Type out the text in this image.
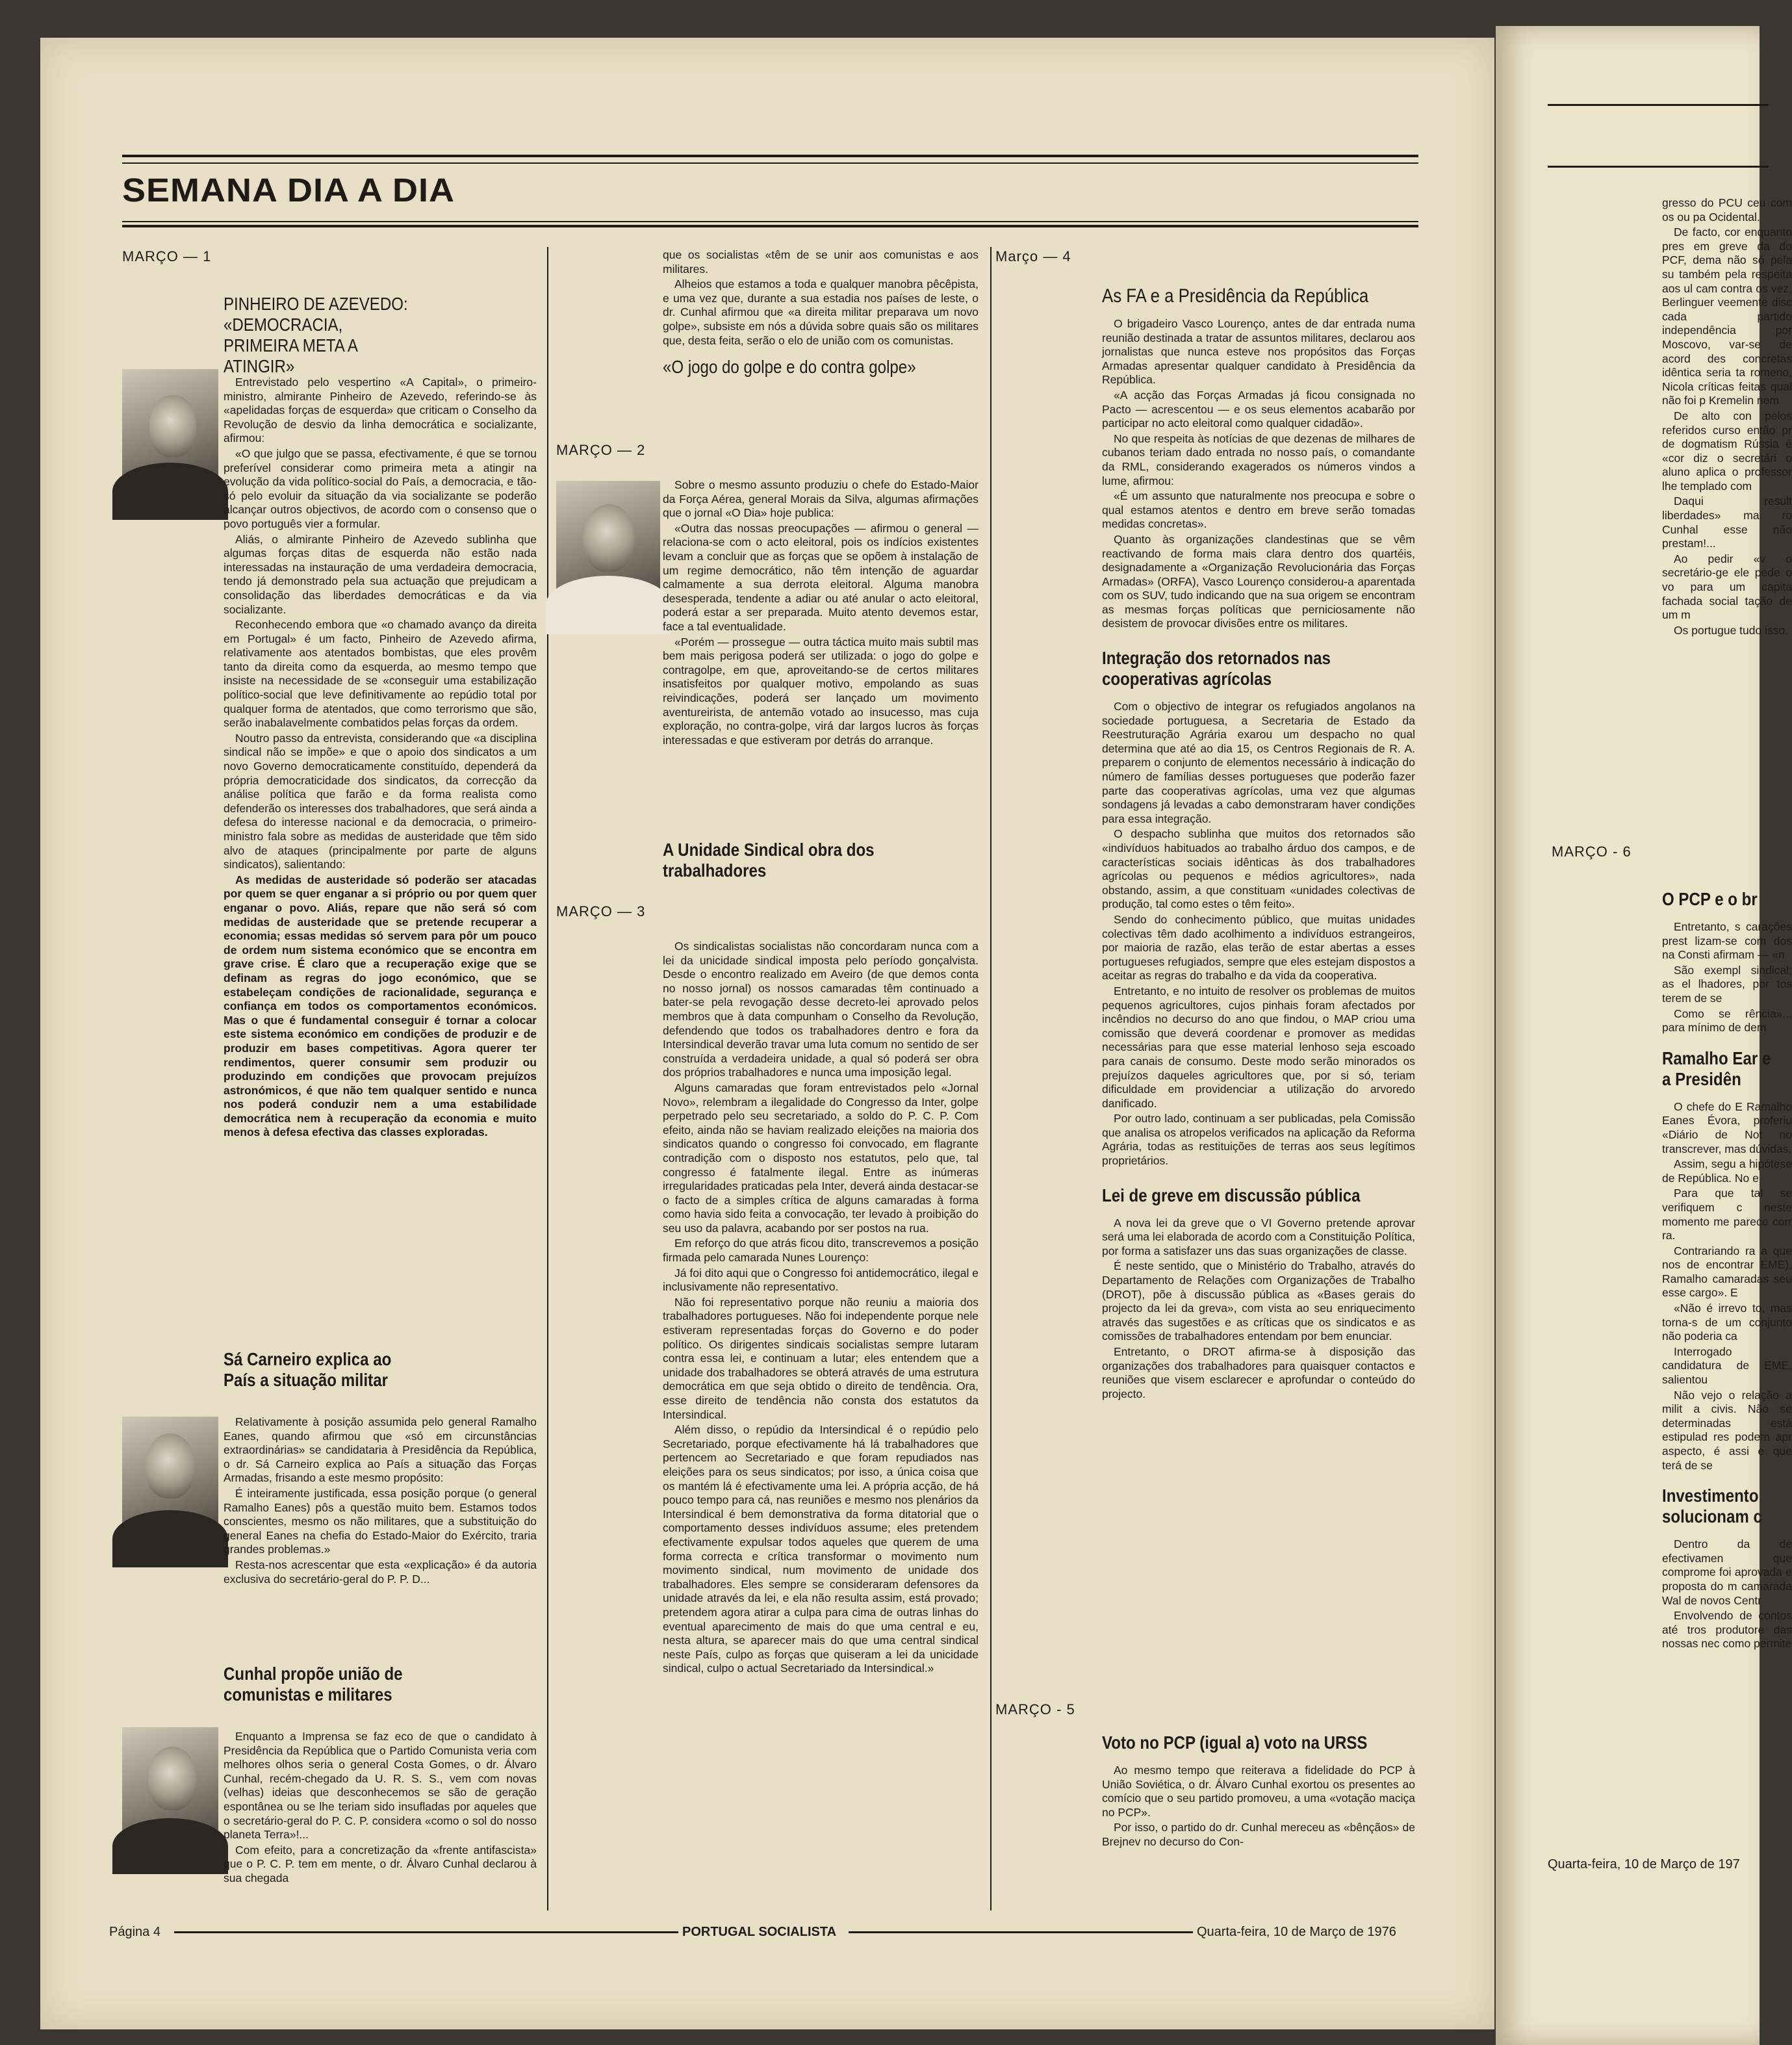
gresso do PCU ceu com os ou pa Ocidental.

De facto, cor enquanto pres em greve da do PCF, dema não só pela su também pela respeita aos ul cam contra os vez, Berlinguer veemente disc cada partido independência por Moscovo, var-se de acord des concretas idêntica seria ta romeno, Nicola críticas feitas qual não foi p Kremelin nem

De alto con pelos referidos curso então pr de dogmatism Rússia é «cor diz o secretári o aluno aplica o professor lhe templado com

Daqui result liberdades» ma ro Cunhal esse não prestam!...

Ao pedir «v o secretário-ge ele pede o vo para um capita fachada social tação de um m

Os portugue tudo isso.

MARÇO - 6
O PCP e o br

Entretanto, s carações prest lizam-se com dos na Consti afirmam — «n

São exempl sindical; as el lhadores, por tos terem de se

Como se rência»... para mínimo de dem

Ramalho Ear e a Presidên

O chefe do E Ramalho Eanes Évora, proferiu «Diário de Not no transcrever, mas dúvidas.

Assim, segu a hipótese de República. No e

Para que tal se verifiquem c neste momento me parece corr ra.

Contrariando ra a que nos de encontrar EME), Ramalho camaradas seu esse cargo». E

«Não é irrevo to, mas torna-s de um conjunto não poderia ca

Interrogado candidatura de EME, salientou

Não vejo o relação a milit a civis. Não se determinadas está estipulad res podem apr aspecto, é assi e que terá de se

Investimento solucionam c

Dentro da de efectivamen que comprome foi aprovada e proposta do m camarada Wal de novos Centr

Envolvendo de contos até tros produtore das nossas nec como permite

Quarta-feira, 10 de Março de 197
SEMANA DIA A DIA
MARÇO — 1
PINHEIRO DE AZEVEDO: «DEMOCRACIA, PRIMEIRA META A ATINGIR»

Entrevistado pelo vespertino «A Capital», o primeiro-ministro, almirante Pinheiro de Azevedo, referindo-se às «apelidadas forças de esquerda» que criticam o Conselho da Revolução de desvio da linha democrática e socializante, afirmou:

«O que julgo que se passa, efectivamente, é que se tornou preferível considerar como primeira meta a atingir na evolução da vida político-social do País, a democracia, e tão-só pelo evoluir da situação da via socializante se poderão alcançar outros objectivos, de acordo com o consenso que o povo português vier a formular.

Aliás, o almirante Pinheiro de Azevedo sublinha que algumas forças ditas de esquerda não estão nada interessadas na instauração de uma verdadeira democracia, tendo já demonstrado pela sua actuação que prejudicam a consolidação das liberdades democráticas e da via socializante.

Reconhecendo embora que «o chamado avanço da direita em Portugal» é um facto, Pinheiro de Azevedo afirma, relativamente aos atentados bombistas, que eles provêm tanto da direita como da esquerda, ao mesmo tempo que insiste na necessidade de se «conseguir uma estabilização político-social que leve definitivamente ao repúdio total por qualquer forma de atentados, que como terrorismo que são, serão inabalavelmente combatidos pelas forças da ordem.

Noutro passo da entrevista, considerando que «a disciplina sindical não se impõe» e que o apoio dos sindicatos a um novo Governo democraticamente constituído, dependerá da própria democraticidade dos sindicatos, da correcção da análise política que farão e da forma realista como defenderão os interesses dos trabalhadores, que será ainda a defesa do interesse nacional e da democracia, o primeiro-ministro fala sobre as medidas de austeridade que têm sido alvo de ataques (principalmente por parte de alguns sindicatos), salientando:

As medidas de austeridade só poderão ser atacadas por quem se quer enganar a si próprio ou por quem quer enganar o povo. Aliás, repare que não será só com medidas de austeridade que se pretende recuperar a economia; essas medidas só servem para pôr um pouco de ordem num sistema económico que se encontra em grave crise. É claro que a recuperação exige que se definam as regras do jogo económico, que se estabeleçam condições de racionalidade, segurança e confiança em todos os comportamentos económicos. Mas o que é fundamental conseguir é tornar a colocar este sistema económico em condições de produzir e de produzir em bases competitivas. Agora querer ter rendimentos, querer consumir sem produzir ou produzindo em condições que provocam prejuízos astronómicos, é que não tem qualquer sentido e nunca nos poderá conduzir nem a uma estabilidade democrática nem à recuperação da economia e muito menos à defesa efectiva das classes exploradas.

Sá Carneiro explica ao País a situação militar

Relativamente à posição assumida pelo general Ramalho Eanes, quando afirmou que «só em circunstâncias extraordinárias» se candidataria à Presidência da República, o dr. Sá Carneiro explica ao País a situação das Forças Armadas, frisando a este mesmo propósito:

É inteiramente justificada, essa posição porque (o general Ramalho Eanes) pôs a questão muito bem. Estamos todos conscientes, mesmo os não militares, que a substituição do general Eanes na chefia do Estado-Maior do Exército, traria grandes problemas.»

Resta-nos acrescentar que esta «explicação» é da autoria exclusiva do secretário-geral do P. P. D...

Cunhal propõe união de comunistas e militares

Enquanto a Imprensa se faz eco de que o candidato à Presidência da República que o Partido Comunista veria com melhores olhos seria o general Costa Gomes, o dr. Álvaro Cunhal, recém-chegado da U. R. S. S., vem com novas (velhas) ideias que desconhecemos se são de geração espontânea ou se lhe teriam sido insufladas por aqueles que o secretário-geral do P. C. P. considera «como o sol do nosso planeta Terra»!...

Com efeito, para a concretização da «frente antifascista» que o P. C. P. tem em mente, o dr. Álvaro Cunhal declarou à sua chegada

que os socialistas «têm de se unir aos comunistas e aos militares.

Alheios que estamos a toda e qualquer manobra pêcêpista, e uma vez que, durante a sua estadia nos países de leste, o dr. Cunhal afirmou que «a direita militar preparava um novo golpe», subsiste em nós a dúvida sobre quais são os militares que, desta feita, serão o elo de união com os comunistas.

«O jogo do golpe e do contra golpe»
MARÇO — 2

Sobre o mesmo assunto produziu o chefe do Estado-Maior da Força Aérea, general Morais da Silva, algumas afirmações que o jornal «O Dia» hoje publica:

«Outra das nossas preocupações — afirmou o general — relaciona-se com o acto eleitoral, pois os indícios existentes levam a concluir que as forças que se opõem à instalação de um regime democrático, não têm intenção de aguardar calmamente a sua derrota eleitoral. Alguma manobra desesperada, tendente a adiar ou até anular o acto eleitoral, poderá estar a ser preparada. Muito atento devemos estar, face a tal eventualidade.

«Porém — prossegue — outra táctica muito mais subtil mas bem mais perigosa poderá ser utilizada: o jogo do golpe e contragolpe, em que, aproveitando-se de certos militares insatisfeitos por qualquer motivo, empolando as suas reivindicações, poderá ser lançado um movimento aventureirista, de antemão votado ao insucesso, mas cuja exploração, no contra-golpe, virá dar largos lucros às forças interessadas e que estiveram por detrás do arranque.

A Unidade Sindical obra dos trabalhadores
MARÇO — 3

Os sindicalistas socialistas não concordaram nunca com a lei da unicidade sindical imposta pelo período gonçalvista. Desde o encontro realizado em Aveiro (de que demos conta no nosso jornal) os nossos camaradas têm continuado a bater-se pela revogação desse decreto-lei aprovado pelos membros que à data compunham o Conselho da Revolução, defendendo que todos os trabalhadores dentro e fora da Intersindical deverão travar uma luta comum no sentido de ser construída a verdadeira unidade, a qual só poderá ser obra dos próprios trabalhadores e nunca uma imposição legal.

Alguns camaradas que foram entrevistados pelo «Jornal Novo», relembram a ilegalidade do Congresso da Inter, golpe perpetrado pelo seu secretariado, a soldo do P. C. P. Com efeito, ainda não se haviam realizado eleições na maioria dos sindicatos quando o congresso foi convocado, em flagrante contradição com o disposto nos estatutos, pelo que, tal congresso é fatalmente ilegal. Entre as inúmeras irregularidades praticadas pela Inter, deverá ainda destacar-se o facto de a simples crítica de alguns camaradas à forma como havia sido feita a convocação, ter levado à proibição do seu uso da palavra, acabando por ser postos na rua.

Em reforço do que atrás ficou dito, transcrevemos a posição firmada pelo camarada Nunes Lourenço:

Já foi dito aqui que o Congresso foi antidemocrático, ilegal e inclusivamente não representativo.

Não foi representativo porque não reuniu a maioria dos trabalhadores portugueses. Não foi independente porque nele estiveram representadas forças do Governo e do poder político. Os dirigentes sindicais socialistas sempre lutaram contra essa lei, e continuam a lutar; eles entendem que a unidade dos trabalhadores se obterá através de uma estrutura democrática em que seja obtido o direito de tendência. Ora, esse direito de tendência não consta dos estatutos da Intersindical.

Além disso, o repúdio da Intersindical é o repúdio pelo Secretariado, porque efectivamente há lá trabalhadores que pertencem ao Secretariado e que foram repudiados nas eleições para os seus sindicatos; por isso, a única coisa que os mantém lá é efectivamente uma lei. A própria acção, de há pouco tempo para cá, nas reuniões e mesmo nos plenários da Intersindical é bem demonstrativa da forma ditatorial que o comportamento desses indivíduos assume; eles pretendem efectivamente expulsar todos aqueles que querem de uma forma correcta e crítica transformar o movimento num movimento sindical, num movimento de unidade dos trabalhadores. Eles sempre se consideraram defensores da unidade através da lei, e ela não resulta assim, está provado; pretendem agora atirar a culpa para cima de outras linhas do eventual aparecimento de mais do que uma central e eu, nesta altura, se aparecer mais do que uma central sindical neste País, culpo as forças que quiseram a lei da unicidade sindical, culpo o actual Secretariado da Intersindical.»

Março — 4
As FA e a Presidência da República

O brigadeiro Vasco Lourenço, antes de dar entrada numa reunião destinada a tratar de assuntos militares, declarou aos jornalistas que nunca esteve nos propósitos das Forças Armadas apresentar qualquer candidato à Presidência da República.

«A acção das Forças Armadas já ficou consignada no Pacto — acrescentou — e os seus elementos acabarão por participar no acto eleitoral como qualquer cidadão».

No que respeita às notícias de que dezenas de milhares de cubanos teriam dado entrada no nosso país, o comandante da RML, considerando exagerados os números vindos a lume, afirmou:

«É um assunto que naturalmente nos preocupa e sobre o qual estamos atentos e dentro em breve serão tomadas medidas concretas».

Quanto às organizações clandestinas que se vêm reactivando de forma mais clara dentro dos quartéis, designadamente a «Organização Revolucionária das Forças Armadas» (ORFA), Vasco Lourenço considerou-a aparentada com os SUV, tudo indicando que na sua origem se encontram as mesmas forças políticas que perniciosamente não desistem de provocar divisões entre os militares.

Integração dos retornados nas cooperativas agrícolas

Com o objectivo de integrar os refugiados angolanos na sociedade portuguesa, a Secretaria de Estado da Reestruturação Agrária exarou um despacho no qual determina que até ao dia 15, os Centros Regionais de R. A. preparem o conjunto de elementos necessário à indicação do número de famílias desses portugueses que poderão fazer parte das cooperativas agrícolas, uma vez que algumas sondagens já levadas a cabo demonstraram haver condições para essa integração.

O despacho sublinha que muitos dos retornados são «indivíduos habituados ao trabalho árduo dos campos, e de características sociais idênticas às dos trabalhadores agrícolas ou pequenos e médios agricultores», nada obstando, assim, a que constituam «unidades colectivas de produção, tal como estes o têm feito».

Sendo do conhecimento público, que muitas unidades colectivas têm dado acolhimento a indivíduos estrangeiros, por maioria de razão, elas terão de estar abertas a esses portugueses refugiados, sempre que eles estejam dispostos a aceitar as regras do trabalho e da vida da cooperativa.

Entretanto, e no intuito de resolver os problemas de muitos pequenos agricultores, cujos pinhais foram afectados por incêndios no decurso do ano que findou, o MAP criou uma comissão que deverá coordenar e promover as medidas necessárias para que esse material lenhoso seja escoado para canais de consumo. Deste modo serão minorados os prejuízos daqueles agricultores que, por si só, teriam dificuldade em providenciar a utilização do arvoredo danificado.

Por outro lado, continuam a ser publicadas, pela Comissão que analisa os atropelos verificados na aplicação da Reforma Agrária, todas as restituições de terras aos seus legítimos proprietários.

Lei de greve em discussão pública

A nova lei da greve que o VI Governo pretende aprovar será uma lei elaborada de acordo com a Constituição Política, por forma a satisfazer uns das suas organizações de classe.

É neste sentido, que o Ministério do Trabalho, através do Departamento de Relações com Organizações de Trabalho (DROT), põe à discussão pública as «Bases gerais do projecto da lei da greva», com vista ao seu enriquecimento através das sugestões e as críticas que os sindicatos e as comissões de trabalhadores entendam por bem enunciar.

Entretanto, o DROT afirma-se à disposição das organizações dos trabalhadores para quaisquer contactos e reuniões que visem esclarecer e aprofundar o conteúdo do projecto.

MARÇO - 5
Voto no PCP (igual a) voto na URSS

Ao mesmo tempo que reiterava a fidelidade do PCP à União Soviética, o dr. Álvaro Cunhal exortou os presentes ao comício que o seu partido promoveu, a uma «votação maciça no PCP».

Por isso, o partido do dr. Cunhal mereceu as «bênçãos» de Brejnev no decurso do Con-

Página 4	PORTUGAL SOCIALISTA	Quarta-feira, 10 de Março de 1976
